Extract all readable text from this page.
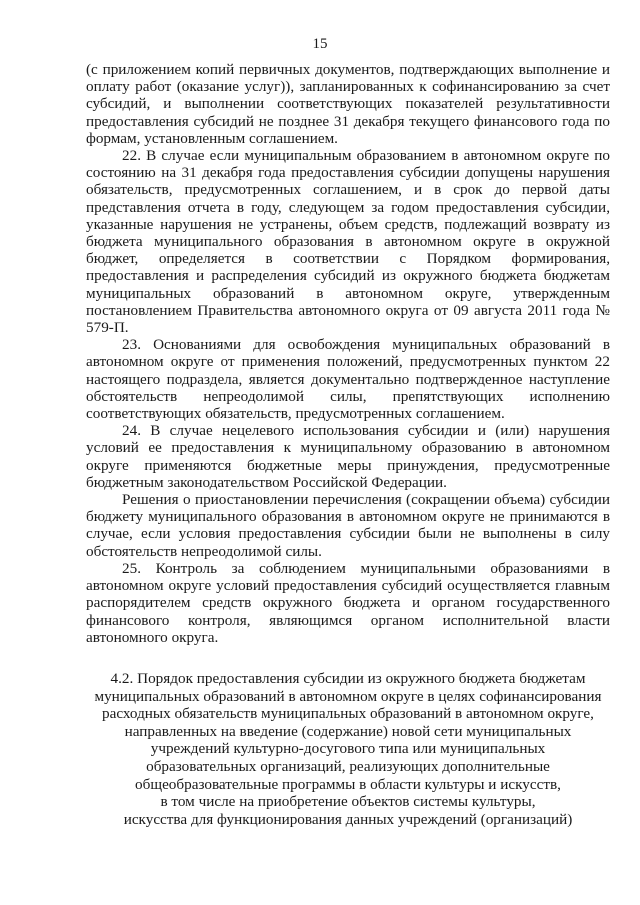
15

(с приложением копий первичных документов, подтверждающих выполнение и оплату работ (оказание услуг)), запланированных к софинансированию за счет субсидий, и выполнении соответствующих показателей результативности предоставления субсидий не позднее 31 декабря текущего финансового года по формам, установленным соглашением.

22. В случае если муниципальным образованием в автономном округе по состоянию на 31 декабря года предоставления субсидии допущены нарушения обязательств, предусмотренных соглашением, и в срок до первой даты представления отчета в году, следующем за годом предоставления субсидии, указанные нарушения не устранены, объем средств, подлежащий возврату из бюджета муниципального образования в автономном округе в окружной бюджет, определяется в соответствии с Порядком формирования, предоставления и распределения субсидий из окружного бюджета бюджетам муниципальных образований в автономном округе, утвержденным постановлением Правительства автономного округа от 09 августа 2011 года № 579-П.

23. Основаниями для освобождения муниципальных образований в автономном округе от применения положений, предусмотренных пунктом 22 настоящего подраздела, является документально подтвержденное наступление обстоятельств непреодолимой силы, препятствующих исполнению соответствующих обязательств, предусмотренных соглашением.

24. В случае нецелевого использования субсидии и (или) нарушения условий ее предоставления к муниципальному образованию в автономном округе применяются бюджетные меры принуждения, предусмотренные бюджетным законодательством Российской Федерации.

Решения о приостановлении перечисления (сокращении объема) субсидии бюджету муниципального образования в автономном округе не принимаются в случае, если условия предоставления субсидии были не выполнены в силу обстоятельств непреодолимой силы.

25. Контроль за соблюдением муниципальными образованиями в автономном округе условий предоставления субсидий осуществляется главным распорядителем средств окружного бюджета и органом государственного финансового контроля, являющимся органом исполнительной власти автономного округа.

4.2. Порядок предоставления субсидии из окружного бюджета бюджетам
муниципальных образований в автономном округе в целях софинансирования
расходных обязательств муниципальных образований в автономном округе,
направленных на введение (содержание) новой сети муниципальных
учреждений культурно-досугового типа или муниципальных
образовательных организаций, реализующих дополнительные
общеобразовательные программы в области культуры и искусств,
в том числе на приобретение объектов системы культуры,
искусства для функционирования данных учреждений (организаций)
